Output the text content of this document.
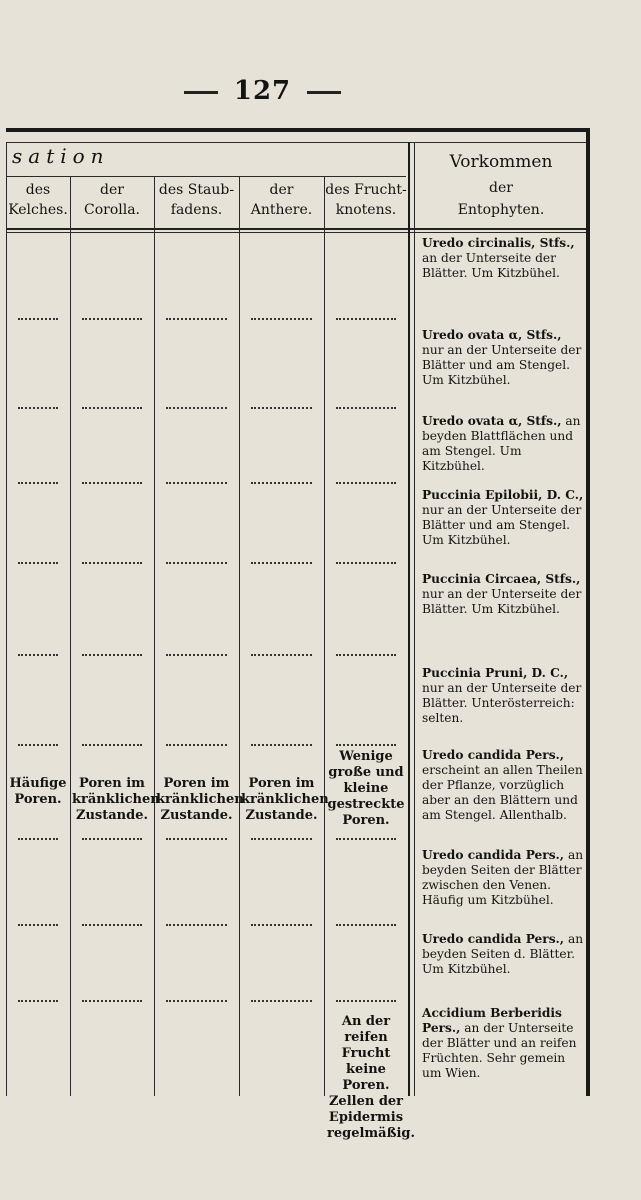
127
sation	Vorkommen
der
Entophyten.
des
Kelches.
der
Corolla.
des Staub-
fadens.
der
Anthere.
des Frucht-
knotens.
Häufige Poren.
Poren im kränklichen Zustande.
Poren im kränklichen Zustande.
Poren im kränklichen Zustande.
Wenige große und kleine gestreckte Poren.
An der reifen Frucht keine Poren. Zellen der Epidermis regelmäßig.
Uredo circinalis, Stfs., an der Unterseite der Blätter. Um Kitzbühel.
Uredo ovata α, Stfs., nur an der Unterseite der Blätter und am Stengel. Um Kitzbühel.
Uredo ovata α, Stfs., an beyden Blattflächen und am Stengel. Um Kitzbühel.
Puccinia Epilobii, D. C., nur an der Unterseite der Blätter und am Stengel. Um Kitzbühel.
Puccinia Circaea, Stfs., nur an der Unterseite der Blätter. Um Kitzbühel.
Puccinia Pruni, D. C., nur an der Unterseite der Blätter. Unterösterreich: selten.
Uredo candida Pers., erscheint an allen Theilen der Pflanze, vorzüglich aber an den Blättern und am Stengel. Allenthalb.
Uredo candida Pers., an beyden Seiten der Blätter zwischen den Venen. Häufig um Kitzbühel.
Uredo candida Pers., an beyden Seiten d. Blätter. Um Kitzbühel.
Accidium Berberidis Pers., an der Unterseite der Blätter und an reifen Früchten. Sehr gemein um Wien.
